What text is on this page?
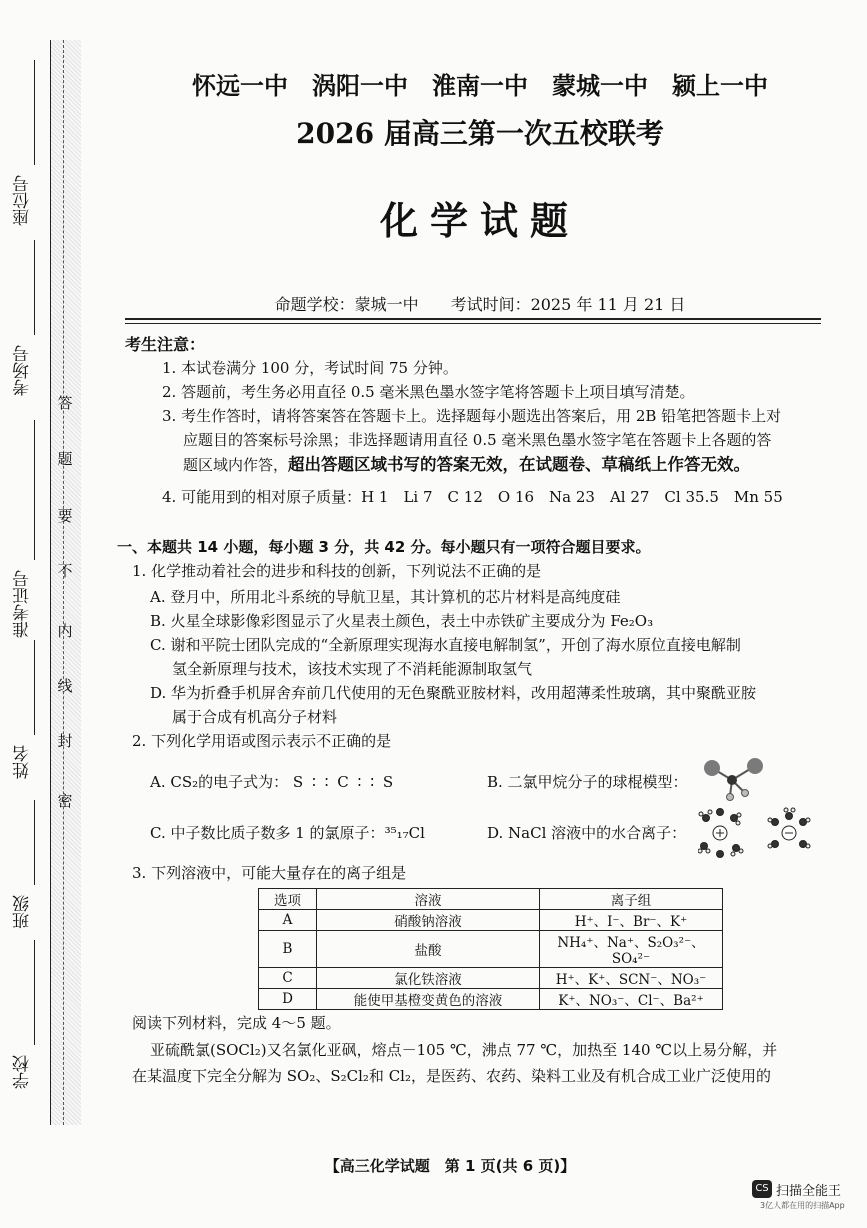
座位号
考场号
准考证号
姓名
班级
学校
答
题
要
不
内
线
封
密
怀远一中　涡阳一中　淮南一中　蒙城一中　颍上一中
2026 届高三第一次五校联考
化学试题
命题学校：蒙城一中　　考试时间：2025 年 11 月 21 日
考生注意：
1. 本试卷满分 100 分，考试时间 75 分钟。
2. 答题前，考生务必用直径 0.5 毫米黑色墨水签字笔将答题卡上项目填写清楚。
3. 考生作答时，请将答案答在答题卡上。选择题每小题选出答案后，用 2B 铅笔把答题卡上对
应题目的答案标号涂黑；非选择题请用直径 0.5 毫米黑色墨水签字笔在答题卡上各题的答
题区域内作答，超出答题区域书写的答案无效，在试题卷、草稿纸上作答无效。
4. 可能用到的相对原子质量：H 1　Li 7　C 12　O 16　Na 23　Al 27　Cl 35.5　Mn 55
一、本题共 14 小题，每小题 3 分，共 42 分。每小题只有一项符合题目要求。
1. 化学推动着社会的进步和科技的创新，下列说法不正确的是
A. 登月中，所用北斗系统的导航卫星，其计算机的芯片材料是高纯度硅
B. 火星全球影像彩图显示了火星表土颜色，表土中赤铁矿主要成分为 Fe₂O₃
C. 谢和平院士团队完成的“全新原理实现海水直接电解制氢”，开创了海水原位直接电解制
氢全新原理与技术，该技术实现了不消耗能源制取氢气
D. 华为折叠手机屏舍弃前几代使用的无色聚酰亚胺材料，改用超薄柔性玻璃，其中聚酰亚胺
属于合成有机高分子材料
2. 下列化学用语或图示表示不正确的是
A. CS₂的电子式为： S ∶ ∶ C ∶ ∶ S	B. 二氯甲烷分子的球棍模型：
C. 中子数比质子数多 1 的氯原子：³⁵₁₇Cl	D. NaCl 溶液中的水合离子：
3. 下列溶液中，可能大量存在的离子组是
选项	溶液	离子组
A	硝酸钠溶液	H⁺、I⁻、Br⁻、K⁺
B	盐酸	NH₄⁺、Na⁺、S₂O₃²⁻、SO₄²⁻
C	氯化铁溶液	H⁺、K⁺、SCN⁻、NO₃⁻
D	能使甲基橙变黄色的溶液	K⁺、NO₃⁻、Cl⁻、Ba²⁺
阅读下列材料，完成 4～5 题。
亚硫酰氯(SOCl₂)又名氯化亚砜，熔点－105 ℃，沸点 77 ℃，加热至 140 ℃以上易分解，并
在某温度下完全分解为 SO₂、S₂Cl₂和 Cl₂，是医药、农药、染料工业及有机合成工业广泛使用的
【高三化学试题　第 1 页(共 6 页)】
CS 扫描全能王
3亿人都在用的扫描App
